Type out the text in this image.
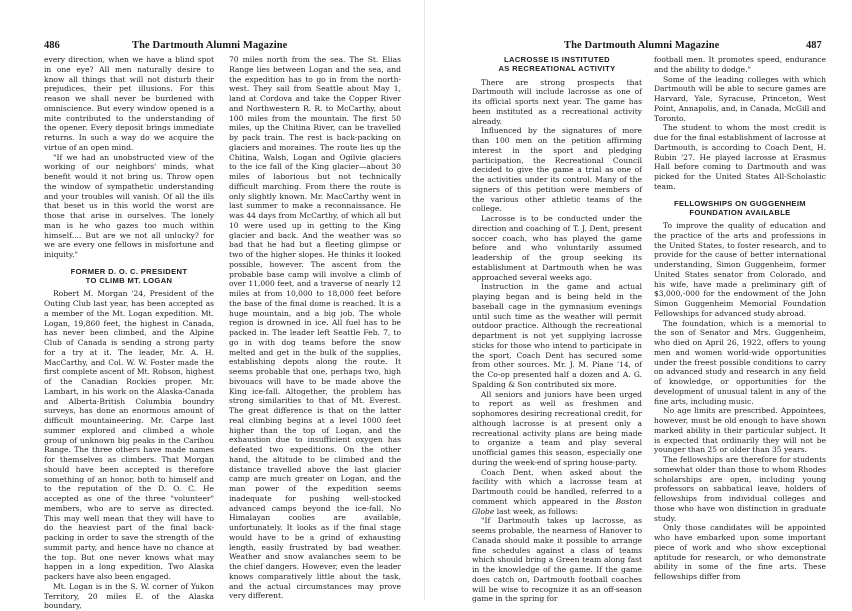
486	The Dartmouth Alumni Magazine

every direction, when we have a blind spot in one eye? All men naturally desire to know all things that will not disturb their prejudices, their pet illusions. For this reason we shall never be burdened with omniscience. But every window opened is a mite contributed to the understanding of the opener. Every deposit brings immediate returns. In such a way do we acquire the virtue of an open mind.

"If we had an unobstructed view of the working of our neighbors' minds, what benefit would it not bring us. Throw open the window of sympathetic understanding and your troubles will vanish. Of all the ills that beset us in this world the worst are those that arise in ourselves. The lonely man is he who gazes too much within himself.... But are we not all unlucky? for we are every one fellows in misfortune and iniquity."

FORMER D. O. C. PRESIDENT
TO CLIMB MT. LOGAN

Robert M. Morgan '24, President of the Outing Club last year, has been accepted as a member of the Mt. Logan expedition. Mt. Logan, 19,860 feet, the highest in Canada, has never been climbed, and the Alpine Club of Canada is sending a strong party for a try at it. The leader, Mr. A. H. MacCarthy, and Col. W. W. Foster made the first complete ascent of Mt. Robson, highest of the Canadian Rockies proper. Mr. Lambart, in his work on the Alaska-Canada and Alberta-British Columbia boundry surveys, has done an enormous amount of difficult mountaineering. Mr. Carpe last summer explored and climbed a whole group of unknown big peaks in the Caribou Range. The three others have made names for themselves as climbers. That Morgan should have been accepted is therefore something of an honor, both to himself and to the reputation of the D. O. C. He accepted as one of the three "volunteer" members, who are to serve as directed. This may well mean that they will have to do the heaviest part of the final back-packing in order to save the strength of the summit party, and hence have no chance at the top. But one never knows what may happen in a long expedition. Two Alaska packers have also been engaged.

Mt. Logan is in the S. W. corner of Yukon Territory, 20 miles E. of the Alaska boundary,

70 miles north from the sea. The St. Elias Range lies between Logan and the sea, and the expedition has to go in from the north-west. They sail from Seattle about May 1, land at Cordova and take the Copper River and Northwestern R. R. to McCarthy, about 100 miles from the mountain. The first 50 miles, up the Chitina River, can be travelled by pack train. The rest is back-packing on glaciers and moraines. The route lies up the Chitina, Walsh, Logan and Ogilvie glaciers to the ice fall of the King glacier—about 30 miles of laborious but not technically difficult marching. From there the route is only slightly known. Mr. MacCarthy went in last summer to make a reconnaissance. He was 44 days from McCarthy, of which all but 10 were used up in getting to the King glacier and back. And the weather was so bad that he had but a fleeting glimpse or two of the higher slopes. He thinks it looked possible, however. The ascent from the probable base camp will involve a climb of over 11,000 feet, and a traverse of nearly 12 miles at from 10,000 to 18,000 feet before the base of the final dome is reached. It is a huge mountain, and a big job. The whole region is drowned in ice. All fuel has to be packed in. The leader left Seattle Feb. 7, to go in with dog teams before the snow melted and get in the bulk of the supplies, establishing depots along the route. It seems probable that one, perhaps two, high bivouacs will have to be made above the King ice-fall. Altogether, the problem has strong similarities to that of Mt. Everest. The great difference is that on the latter real climbing begins at a level 1000 feet higher than the top of Logan, and the exhaustion due to insufficient oxygen has defeated two expeditions. On the other hand, the altitude to be climbed and the distance travelled above the last glacier camp are much greater on Logan, and the man power of the expedition seems inadequate for pushing well-stocked advanced camps beyond the ice-fall. No Himalayan coolies are available, unfortunately. It looks as if the final stage would have to be a grind of exhausting length, easily frustrated by bad weather. Weather and snow avalanches seem to be the chief dangers. However, even the leader knows comparatively little about the task, and the actual circumstances may prove very different.

The Dartmouth Alumni Magazine	487
LACROSSE IS INSTITUTED
AS RECREATIONAL ACTIVITY

There are strong prospects that Dartmouth will include lacrosse as one of its official sports next year. The game has been instituted as a recreational activity already.

Influenced by the signatures of more than 100 men on the petition affirming interest in the sport and pledging participation, the Recreational Council decided to give the game a trial as one of the activities under its control. Many of the signers of this petition were members of the various other athletic teams of the college.

Lacrosse is to be conducted under the direction and coaching of T. J. Dent, present soccer coach, who has played the game before and who voluntarily assumed leadership of the group seeking its establishment at Dartmouth when he was approached several weeks ago.

Instruction in the game and actual playing began and is being held in the baseball cage in the gymnasium evenings until such time as the weather will permit outdoor practice. Although the recreational department is not yet supplying lacrosse sticks for those who intend to participate in the sport, Coach Dent has secured some from other sources. Mr. J. M. Piane '14, of the Co-op presented half a dozen and A. G. Spalding & Son contributed six more.

All seniors and juniors have been urged to report as well as freshmen and sophomores desiring recreational credit, for although lacrosse is at present only a recreational activity plans are being made to organize a team and play several unofficial games this season, especially one during the week-end of spring house-party.

Coach Dent, when asked about the facility with which a lacrosse team at Dartmouth could be handled, referred to a comment which appeared in the Boston Globe last week, as follows:

"If Dartmouth takes up lacrosse, as seems probable, the nearness of Hanover to Canada should make it possible to arrange fine schedules against a class of teams which should bring a Green team along fast in the knowledge of the game. If the game does catch on, Dartmouth football coaches will be wise to recognize it as an off-season game in the spring for

football men. It promotes speed, endurance and the ability to dodge."

Some of the leading colleges with which Dartmouth will be able to secure games are Harvard, Yale, Syracuse, Princeton, West Point, Annapolis, and, in Canada, McGill and Toronto.

The student to whom the most credit is due for the final establishment of lacrosse at Dartmouth, is according to Coach Dent, H. Rubin '27. He played lacrosse at Erasmus Hall before coming to Dartmouth and was picked for the United States All-Scholastic team.

FELLOWSHIPS ON GUGGENHEIM
FOUNDATION AVAILABLE

To improve the quality of education and the practice of the arts and professions in the United States, to foster research, and to provide for the cause of better international understanding, Simon Guggenheim, former United States senator from Colorado, and his wife, have made a preliminary gift of $3,000,-000 for the endowment of the John Simon Guggenheim Memorial Foundation Fellowships for advanced study abroad.

The foundation, which is a memorial to the son of Senator and Mrs. Guggenheim, who died on April 26, 1922, offers to young men and women world-wide opportunities under the freest possible conditions to carry on advanced study and research in any field of knowledge, or opportunities for the development of unusual talent in any of the fine arts, including music.

No age limits are prescribed. Appointees, however, must be old enough to have shown marked ability in their particular subject. It is expected that ordinarily they will not be younger than 25 or older than 35 years.

The fellowships are therefore for students somewhat older than those to whom Rhodes scholarships are open, including young professors on sabbatical leave, holders of fellowships from individual colleges and those who have won distinction in graduate study.

Only those candidates will be appointed who have embarked upon some important piece of work and who show exceptional aptitude for research, or who demonstrate ability in some of the fine arts. These fellowships differ from
